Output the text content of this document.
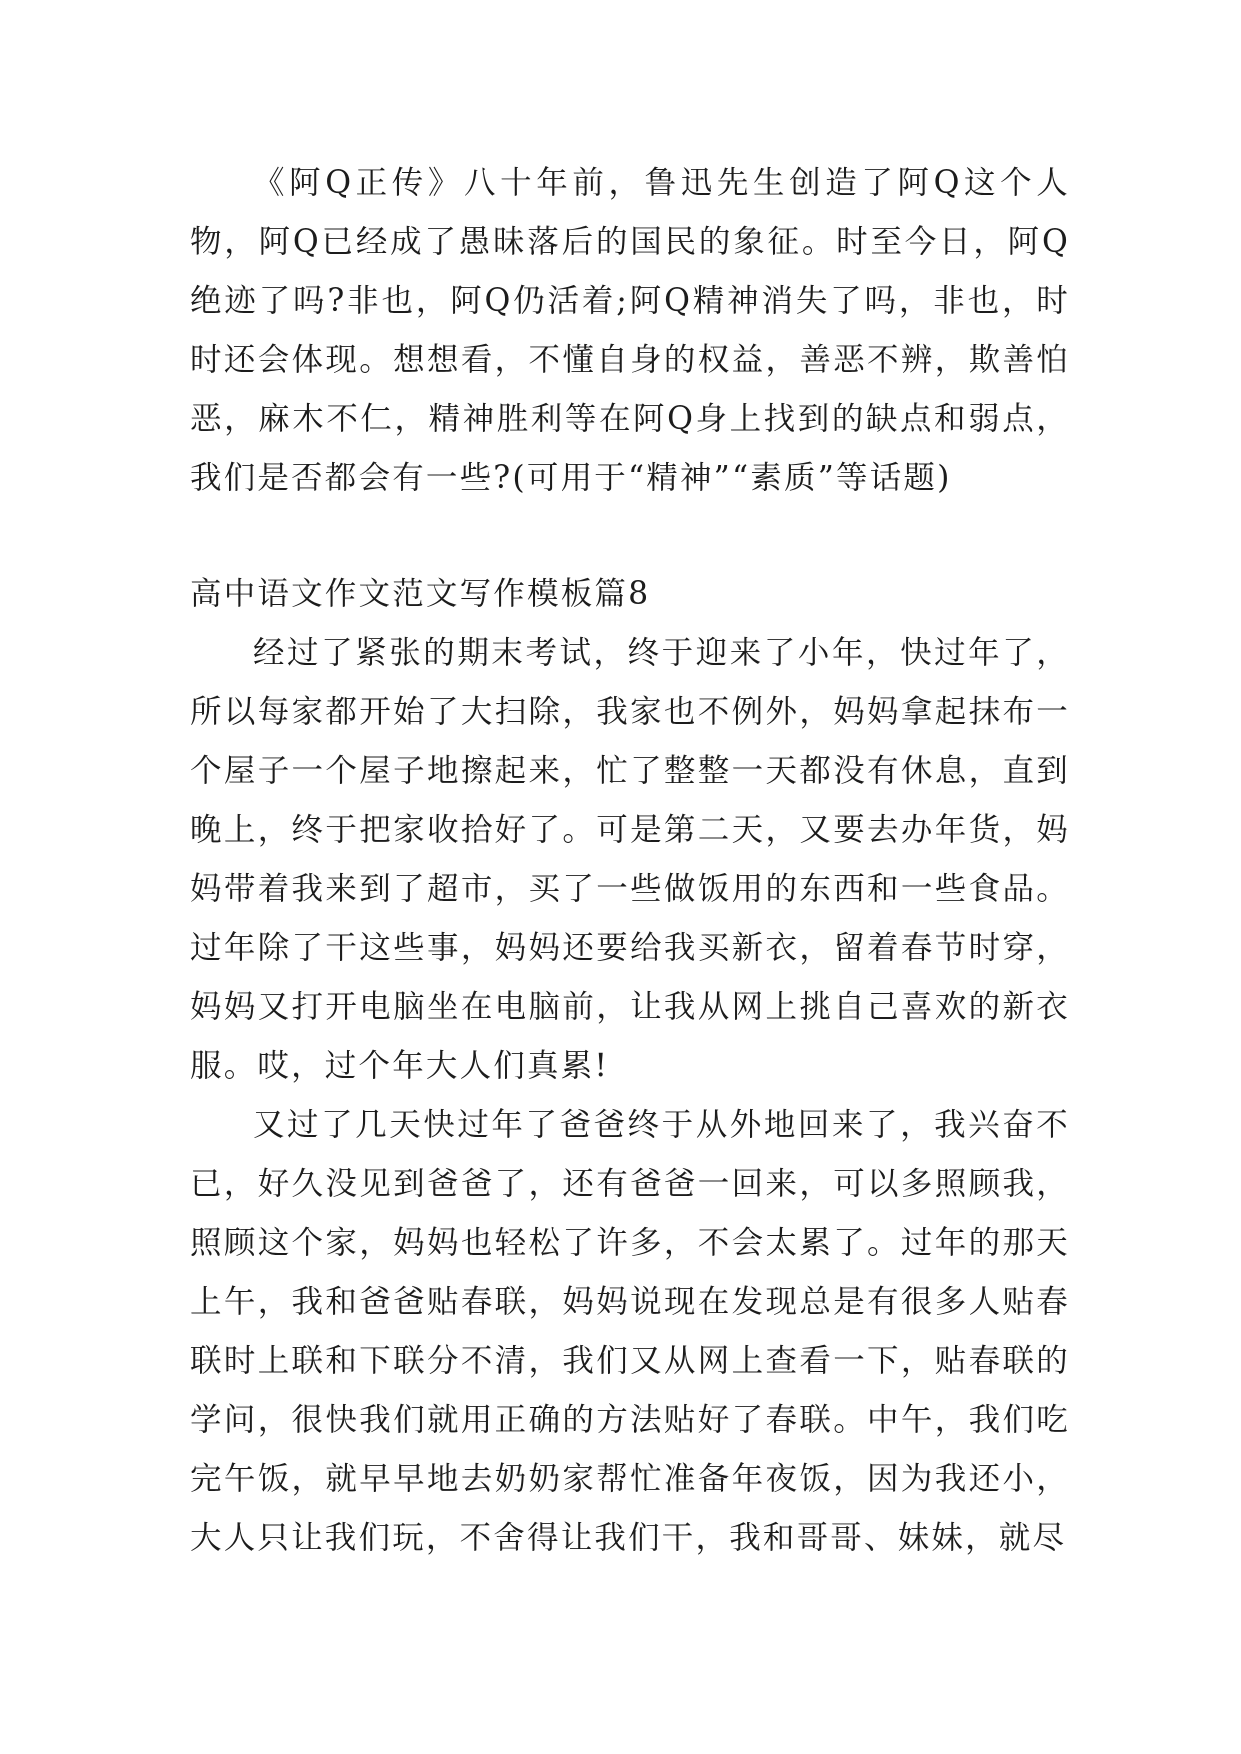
《阿Q正传》八十年前，鲁迅先生创造了阿Q这个人物，阿Q已经成了愚昧落后的国民的象征。时至今日，阿Q绝迹了吗?非也，阿Q仍活着;阿Q精神消失了吗，非也，时时还会体现。想想看，不懂自身的权益，善恶不辨，欺善怕恶，麻木不仁，精神胜利等在阿Q身上找到的缺点和弱点，我们是否都会有一些?(可用于“精神”“素质”等话题)

高中语文作文范文写作模板篇8

经过了紧张的期末考试，终于迎来了小年，快过年了，所以每家都开始了大扫除，我家也不例外，妈妈拿起抹布一个屋子一个屋子地擦起来，忙了整整一天都没有休息，直到晚上，终于把家收拾好了。可是第二天，又要去办年货，妈妈带着我来到了超市，买了一些做饭用的东西和一些食品。过年除了干这些事，妈妈还要给我买新衣，留着春节时穿，妈妈又打开电脑坐在电脑前，让我从网上挑自己喜欢的新衣服。哎，过个年大人们真累!

又过了几天快过年了爸爸终于从外地回来了，我兴奋不已，好久没见到爸爸了，还有爸爸一回来，可以多照顾我，照顾这个家，妈妈也轻松了许多，不会太累了。过年的那天上午，我和爸爸贴春联，妈妈说现在发现总是有很多人贴春联时上联和下联分不清，我们又从网上查看一下，贴春联的学问，很快我们就用正确的方法贴好了春联。中午，我们吃完午饭，就早早地去奶奶家帮忙准备年夜饭，因为我还小，大人只让我们玩，不舍得让我们干，我和哥哥、妹妹，就尽
